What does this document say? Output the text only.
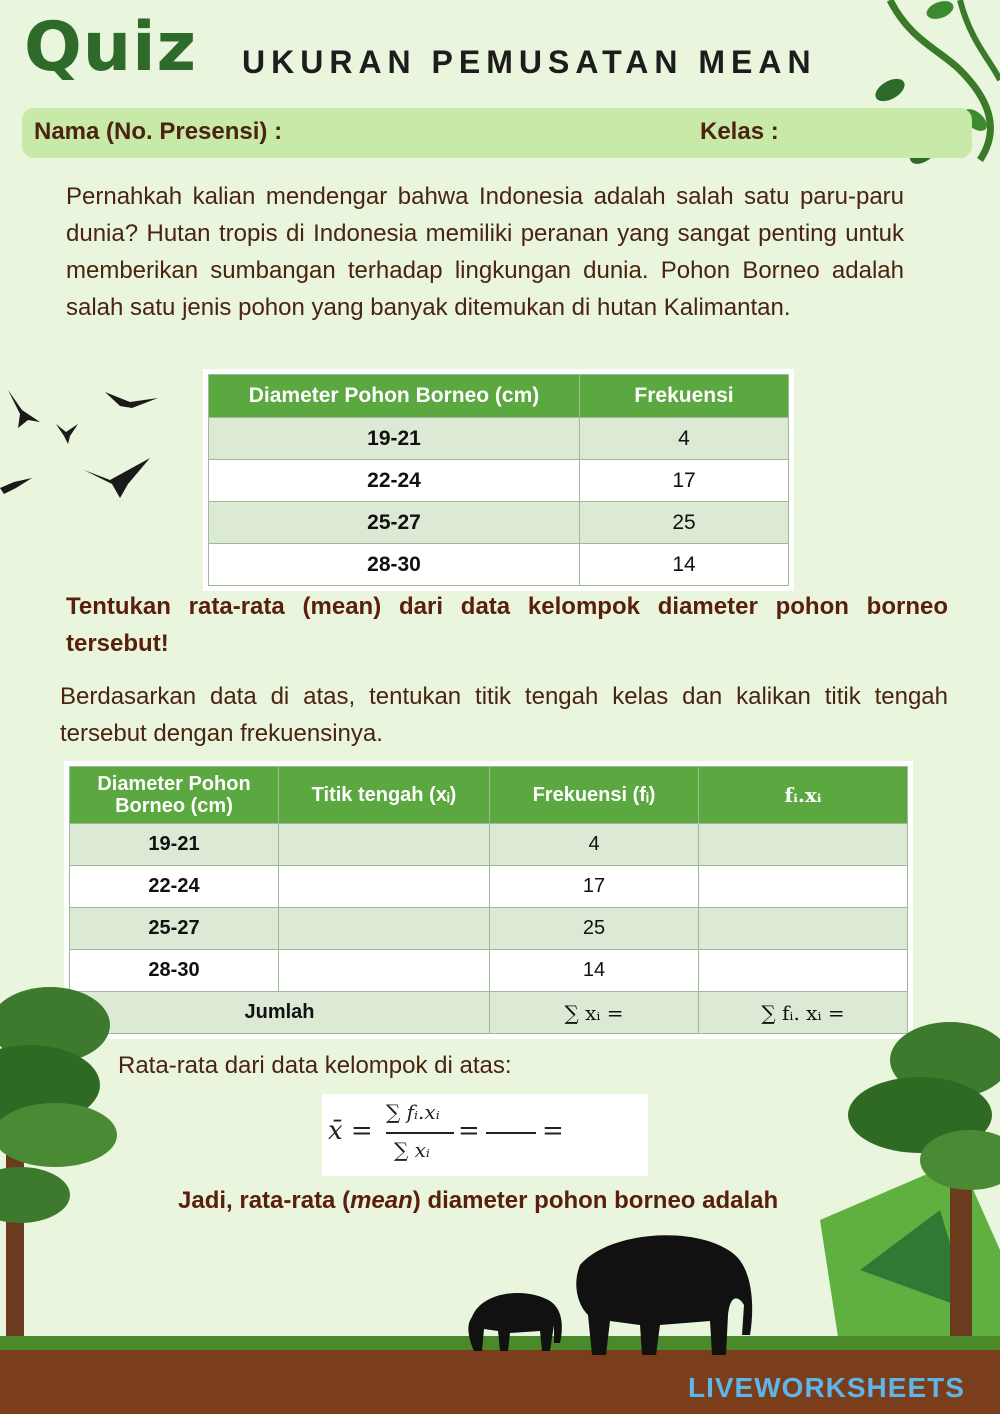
Quiz UKURAN PEMUSATAN MEAN
Nama (No. Presensi) :	Kelas :
Pernahkah kalian mendengar bahwa Indonesia adalah salah satu paru-paru dunia? Hutan tropis di Indonesia memiliki peranan yang sangat penting untuk memberikan sumbangan terhadap lingkungan dunia. Pohon Borneo adalah salah satu jenis pohon yang banyak ditemukan di hutan Kalimantan.
Diameter Pohon Borneo (cm)	Frekuensi
19-21	4
22-24	17
25-27	25
28-30	14
Tentukan rata-rata (mean) dari data kelompok diameter pohon borneo tersebut!
Berdasarkan data di atas, tentukan titik tengah kelas dan kalikan titik tengah tersebut dengan frekuensinya.
Diameter Pohon Borneo (cm)	Titik tengah (xᵢ)	Frekuensi (fᵢ)	fᵢ.xᵢ
19-21		4	
22-24		17	
25-27		25	
28-30		14	
Jumlah		∑ xᵢ =	∑ fᵢ. xᵢ =
Rata-rata dari data kelompok di atas:
x̄ =
∑ fᵢ.xᵢ
∑ xᵢ
= =
Jadi, rata-rata (mean) diameter pohon borneo adalah
LIVEWORKSHEETS
